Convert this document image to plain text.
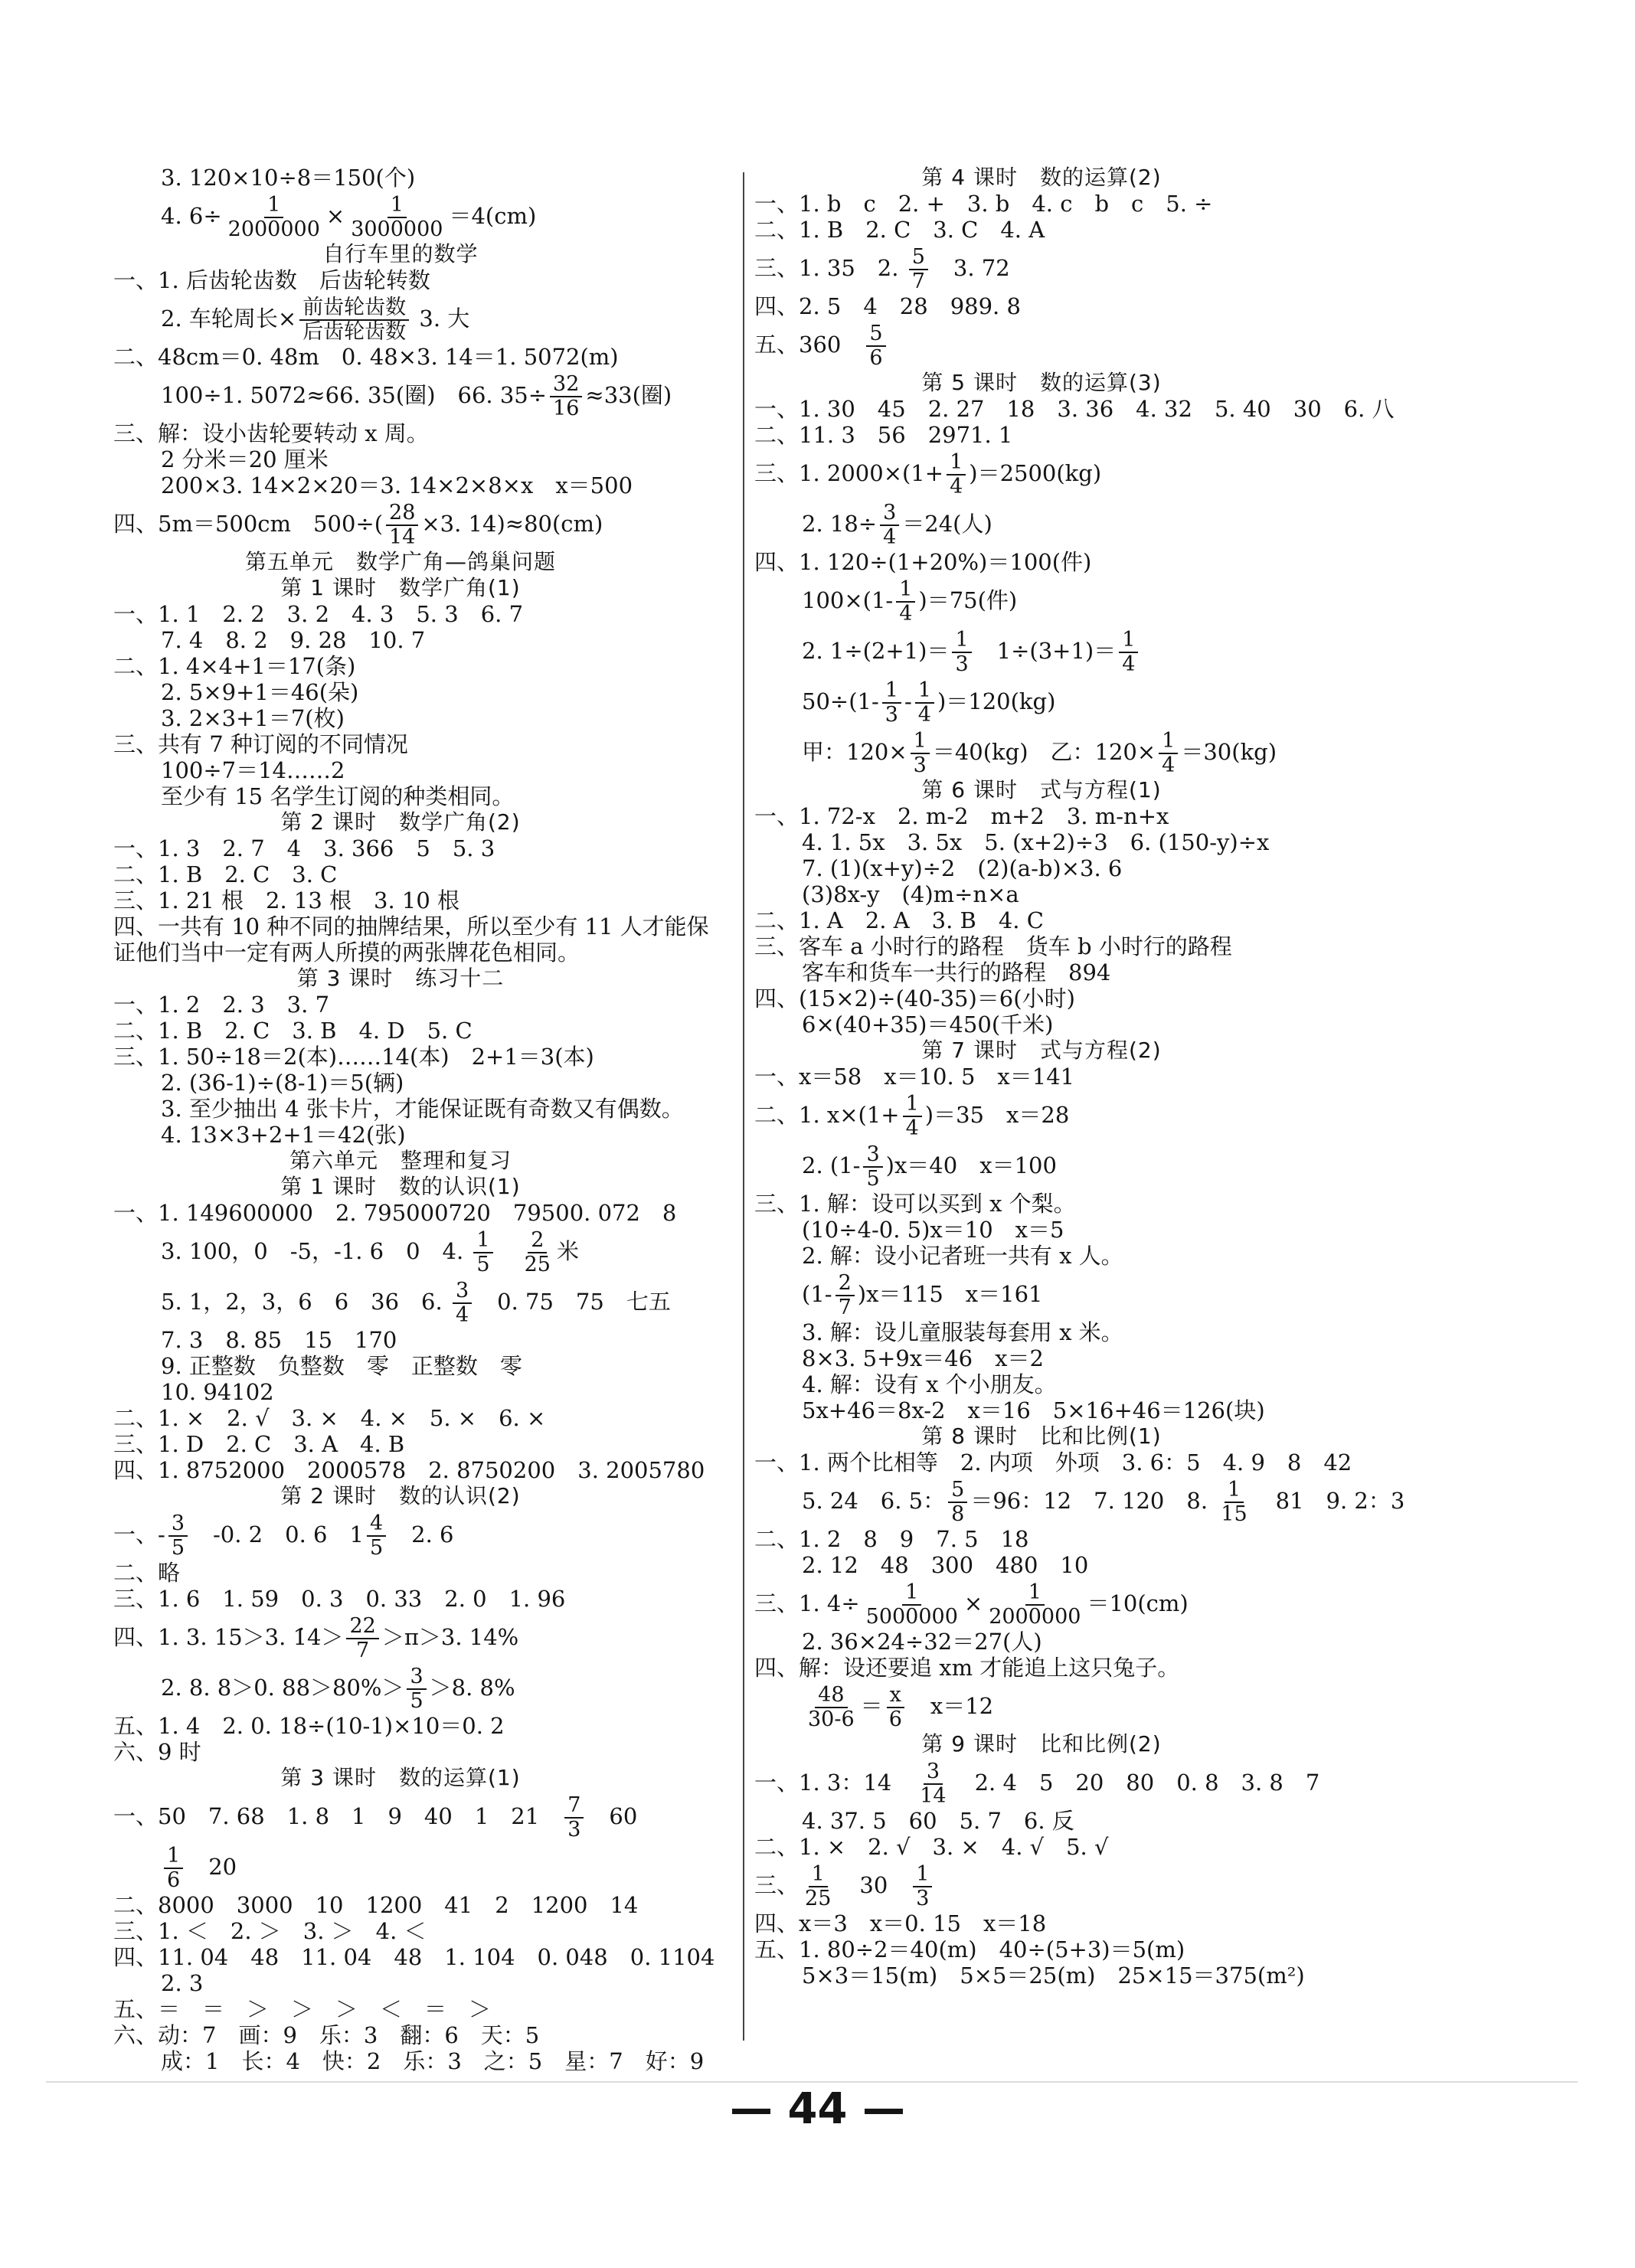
3. 120×10÷8＝150(个)
4. $6\div \frac{1}{2000000} \times \frac{1}{3000000} =4(cm)$
自行车里的数学
一、1. 后齿轮齿数　后齿轮转数
2. 车轮周长× $\frac{\text{前齿轮齿数}}{\text{后齿轮齿数}} 3$. 大
二、48cm＝0. 48m　0. 48×3. 14＝1. 5072(m)
100÷1. 5072≈66. 35(圈)　66. $35\div \frac{32}{16} \approx 33$(圈)
三、解：设小齿轮要转动 x 周。
2 分米＝20 厘米
200×3. 14×2×20＝3. 14×2×8×x　x＝500
四、5m＝500cm　$500\div( \frac{28}{14} \times 3$. 14)≈80(cm)
第五单元　数学广角—鸽巢问题
第 1 课时　数学广角(1)
一、1. 1　2. 2　3. 2　4. 3　5. 3　6. 7
7. 4　8. 2　9. 28　10. 7
二、1. 4×4+1＝17(条)
2. 5×9+1＝46(朵)
3. 2×3+1＝7(枚)
三、共有 7 种订阅的不同情况
100÷7＝14……2
至少有 15 名学生订阅的种类相同。
第 2 课时　数学广角(2)
一、1. 3　2. 7　4　3. 366　5　5. 3
二、1. B　2. C　3. C
三、1. 21 根　2. 13 根　3. 10 根
四、一共有 10 种不同的抽牌结果，所以至少有 11 人才能保
证他们当中一定有两人所摸的两张牌花色相同。
第 3 课时　练习十二
一、1. 2　2. 3　3. 7
二、1. B　2. C　3. B　4. D　5. C
三、1. 50÷18＝2(本)……14(本)　2+1＝3(本)
2. (36-1)÷(8-1)＝5(辆)
3. 至少抽出 4 张卡片，才能保证既有奇数又有偶数。
4. 13×3+2+1＝42(张)
第六单元　整理和复习
第 1 课时　数的认识(1)
一、1. 149600000　2. 795000720　79500. 072　8
3. 100，0　-5，-1. 6　0　4. $\frac{1}{5}$
　 $\frac{2}{25}$ 米
5. 1，2，3，6　6　36　6. $\frac{3}{4}$ 　0. 75　75　七五
7. 3　8. 85　15　170
9. 正整数　负整数　零　正整数　零
10. 94102
二、1. ×　2. √　3. ×　4. ×　5. ×　6. ×
三、1. D　2. C　3. A　4. B
四、1. 8752000　2000578　2. 8750200　3. 2005780
第 2 课时　数的认识(2)
一、- $\frac{3}{5}$ 　-0. 2　0. 6　$1 \frac{4}{5}$ 　2. 6
二、略
三、1. 6　1. 59　0. 3　0. 33　2. 0　1. 96
四、1. 3. 15＞3. 1̇4＞ $\frac{22}{7} >\pi>3$. 14%
2. 8. 8＞0. $88>80\%> \frac{3}{5} >8$. 8%
五、1. 4　2. 0. 18÷(10-1)×10＝0. 2
六、9 时
第 3 课时　数的运算(1)
一、50　7. 68　1. 8　1　9　40　1　21　 $\frac{7}{3}$ 　60
$\frac{1}{6}$ 　20
二、8000　3000　10　1200　41　2　1200　14
三、1. ＜　2. ＞　3. ＞　4. ＜
四、11. 04　48　11. 04　48　1. 104　0. 048　0. 1104
2. 3
五、＝　＝　＞　＞　＞　＜　＝　＞
六、动：7　画：9　乐：3　翻：6　天：5
成：1　长：4　快：2　乐：3　之：5　星：7　好：9
第 4 课时　数的运算(2)
一、1. b　c　2. +　3. b　4. c　b　c　5. ÷
二、1. B　2. C　3. C　4. A
三、1. 35　2. $\frac{5}{7}$ 　3. 72
四、2. 5　4　28　989. 8
五、360　 $\frac{5}{6}$
第 5 课时　数的运算(3)
一、1. 30　45　2. 27　18　3. 36　4. 32　5. 40　30　6. 八
二、11. 3　56　2971. 1
三、1. $2000\times(1+ \frac{1}{4} )=2500(kg)$
2. $18\div \frac{3}{4} =24$(人)
四、1. 120÷(1+20%)＝100(件)
$100\times(1- \frac{1}{4} )=75$(件)
2. $1\div(2+1)= \frac{1}{3}$ 　$1\div(3+1)= \frac{1}{4}$
$50\div(1- \frac{1}{3} - \frac{1}{4} )=120(kg)$
甲：$120\times \frac{1}{3} =40(kg)$　乙：$120\times \frac{1}{4} =30(kg)$
第 6 课时　式与方程(1)
一、1. 72-x　2. m-2　m+2　3. m-n+x
4. 1. 5x　3. 5x　5. (x+2)÷3　6. (150-y)÷x
7. (1)(x+y)÷2　(2)(a-b)×3. 6
(3)8x-y　(4)m÷n×a
二、1. A　2. A　3. B　4. C
三、客车 a 小时行的路程　货车 b 小时行的路程
客车和货车一共行的路程　894
四、(15×2)÷(40-35)＝6(小时)
6×(40+35)＝450(千米)
第 7 课时　式与方程(2)
一、x＝58　x＝10. 5　x＝141
二、1. $x\times(1+ \frac{1}{4} )=35$　x＝28
2. $(1- \frac{3}{5} )x=40$　x＝100
三、1. 解：设可以买到 x 个梨。
(10÷4-0. 5)x＝10　x＝5
2. 解：设小记者班一共有 x 人。
$(1- \frac{2}{7} )x=115$　x＝161
3. 解：设儿童服装每套用 x 米。
8×3. 5+9x＝46　x＝2
4. 解：设有 x 个小朋友。
5x+46＝8x-2　x＝16　5×16+46＝126(块)
第 8 课时　比和比例(1)
一、1. 两个比相等　2. 内项　外项　3. 6：5　4. 9　8　42
5. 24　6. 5： $\frac{5}{8} =96$：12　7. 120　8. $\frac{1}{15}$ 　81　9. 2：3
二、1. 2　8　9　7. 5　18
2. 12　48　300　480　10
三、1. $4\div \frac{1}{5000000} \times \frac{1}{2000000} =10(cm)$
2. 36×24÷32＝27(人)
四、解：设还要追 xm 才能追上这只兔子。
$\frac{48}{30-6} = \frac{x}{6}$ 　x＝12
第 9 课时　比和比例(2)
一、1. 3：14　 $\frac{3}{14}$ 　2. 4　5　20　80　0. 8　3. 8　7
4. 37. 5　60　5. 7　6. 反
二、1. ×　2. √　3. ×　4. √　5. √
三、 $\frac{1}{25}$ 　30　 $\frac{1}{3}$
四、x＝3　x＝0. 15　x＝18
五、1. 80÷2＝40(m)　40÷(5+3)＝5(m)
5×3＝15(m)　5×5＝25(m)　25×15＝375(m²)
— 44 —
